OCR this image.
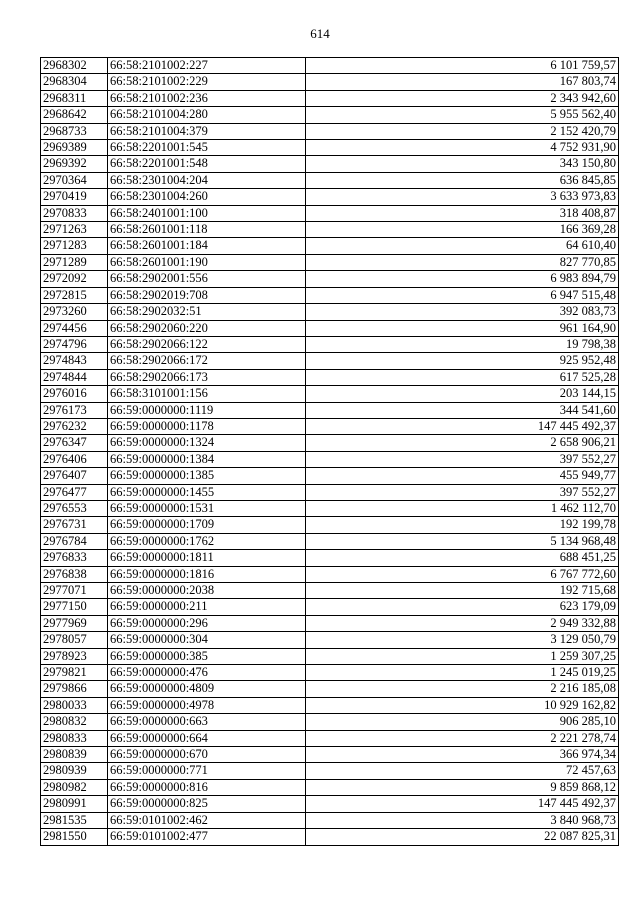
614
2968302	66:58:2101002:227	6 101 759,57
2968304	66:58:2101002:229	167 803,74
2968311	66:58:2101002:236	2 343 942,60
2968642	66:58:2101004:280	5 955 562,40
2968733	66:58:2101004:379	2 152 420,79
2969389	66:58:2201001:545	4 752 931,90
2969392	66:58:2201001:548	343 150,80
2970364	66:58:2301004:204	636 845,85
2970419	66:58:2301004:260	3 633 973,83
2970833	66:58:2401001:100	318 408,87
2971263	66:58:2601001:118	166 369,28
2971283	66:58:2601001:184	64 610,40
2971289	66:58:2601001:190	827 770,85
2972092	66:58:2902001:556	6 983 894,79
2972815	66:58:2902019:708	6 947 515,48
2973260	66:58:2902032:51	392 083,73
2974456	66:58:2902060:220	961 164,90
2974796	66:58:2902066:122	19 798,38
2974843	66:58:2902066:172	925 952,48
2974844	66:58:2902066:173	617 525,28
2976016	66:58:3101001:156	203 144,15
2976173	66:59:0000000:1119	344 541,60
2976232	66:59:0000000:1178	147 445 492,37
2976347	66:59:0000000:1324	2 658 906,21
2976406	66:59:0000000:1384	397 552,27
2976407	66:59:0000000:1385	455 949,77
2976477	66:59:0000000:1455	397 552,27
2976553	66:59:0000000:1531	1 462 112,70
2976731	66:59:0000000:1709	192 199,78
2976784	66:59:0000000:1762	5 134 968,48
2976833	66:59:0000000:1811	688 451,25
2976838	66:59:0000000:1816	6 767 772,60
2977071	66:59:0000000:2038	192 715,68
2977150	66:59:0000000:211	623 179,09
2977969	66:59:0000000:296	2 949 332,88
2978057	66:59:0000000:304	3 129 050,79
2978923	66:59:0000000:385	1 259 307,25
2979821	66:59:0000000:476	1 245 019,25
2979866	66:59:0000000:4809	2 216 185,08
2980033	66:59:0000000:4978	10 929 162,82
2980832	66:59:0000000:663	906 285,10
2980833	66:59:0000000:664	2 221 278,74
2980839	66:59:0000000:670	366 974,34
2980939	66:59:0000000:771	72 457,63
2980982	66:59:0000000:816	9 859 868,12
2980991	66:59:0000000:825	147 445 492,37
2981535	66:59:0101002:462	3 840 968,73
2981550	66:59:0101002:477	22 087 825,31
